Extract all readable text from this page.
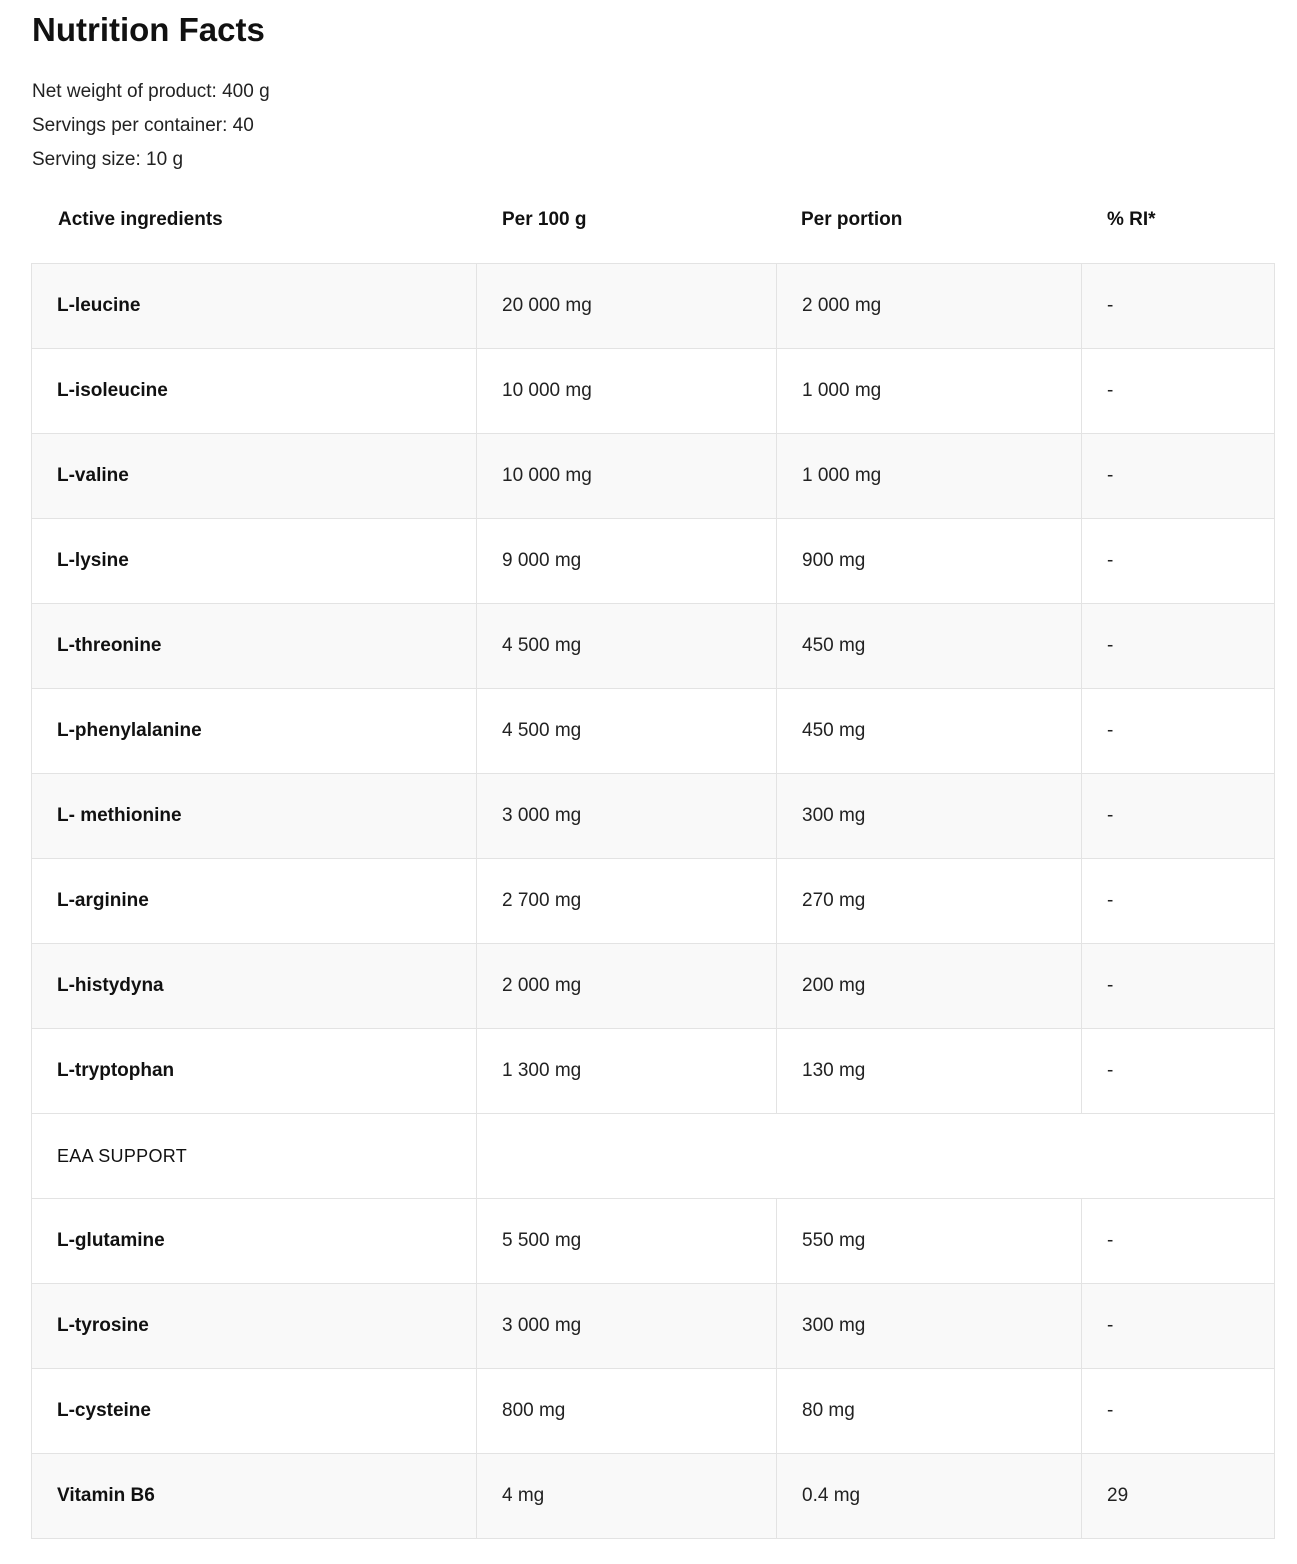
Nutrition Facts
Net weight of product: 400 g
Servings per container: 40
Serving size: 10 g
Active ingredients	Per 100 g	Per portion	% RI*
L-leucine	20 000 mg	2 000 mg	-
L-isoleucine	10 000 mg	1 000 mg	-
L-valine	10 000 mg	1 000 mg	-
L-lysine	9 000 mg	900 mg	-
L-threonine	4 500 mg	450 mg	-
L-phenylalanine	4 500 mg	450 mg	-
L- methionine	3 000 mg	300 mg	-
L-arginine	2 700 mg	270 mg	-
L-histydyna	2 000 mg	200 mg	-
L-tryptophan	1 300 mg	130 mg	-
EAA SUPPORT			
L-glutamine	5 500 mg	550 mg	-
L-tyrosine	3 000 mg	300 mg	-
L-cysteine	800 mg	80 mg	-
Vitamin B6	4 mg	0.4 mg	29
